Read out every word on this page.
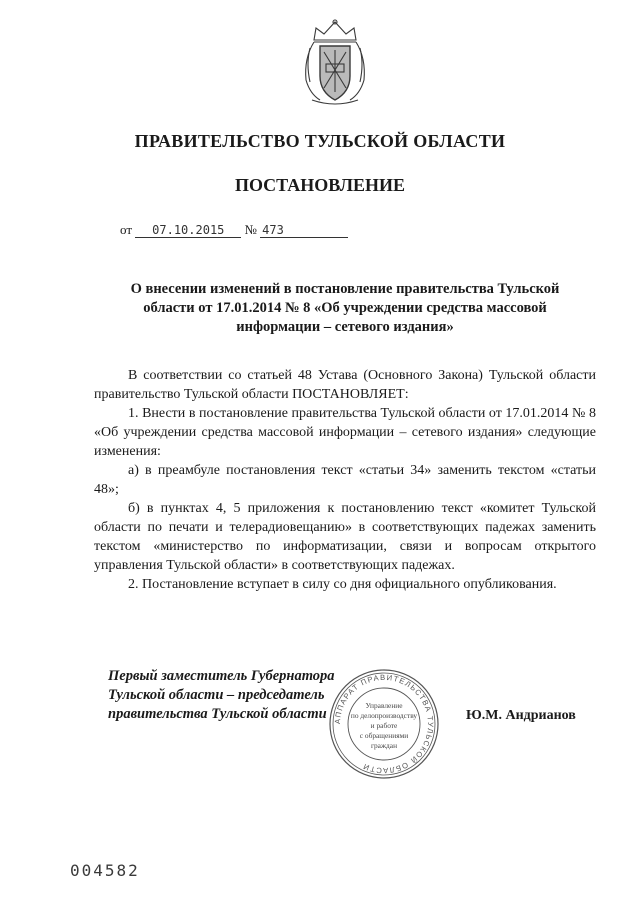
ПРАВИТЕЛЬСТВО ТУЛЬСКОЙ ОБЛАСТИ
ПОСТАНОВЛЕНИЕ
от 07.10.2015 № 473
О внесении изменений в постановление правительства Тульской
области от 17.01.2014 № 8 «Об учреждении средства массовой
информации – сетевого издания»

В соответствии со статьей 48 Устава (Основного Закона) Тульской области правительство Тульской области ПОСТАНОВЛЯЕТ:

1. Внести в постановление правительства Тульской области от 17.01.2014 № 8 «Об учреждении средства массовой информации – сетевого издания» следующие изменения:

а) в преамбуле постановления текст «статьи 34» заменить текстом «статьи 48»;

б) в пунктах 4, 5 приложения к постановлению текст «комитет Тульской области по печати и телерадиовещанию» в соответствующих падежах заменить текстом «министерство по информатизации, связи и вопросам открытого управления Тульской области» в соответствующих падежах.

2. Постановление вступает в силу со дня официального опубликования.

Первый заместитель Губернатора
Тульской области – председатель
правительства Тульской области АППАРАТ ПРАВИТЕЛЬСТВА ТУЛЬСКОЙ ОБЛАСТИ
Управление
по делопроизводству
и работе
с обращениями
граждан
Ю.М. Андрианов
004582
